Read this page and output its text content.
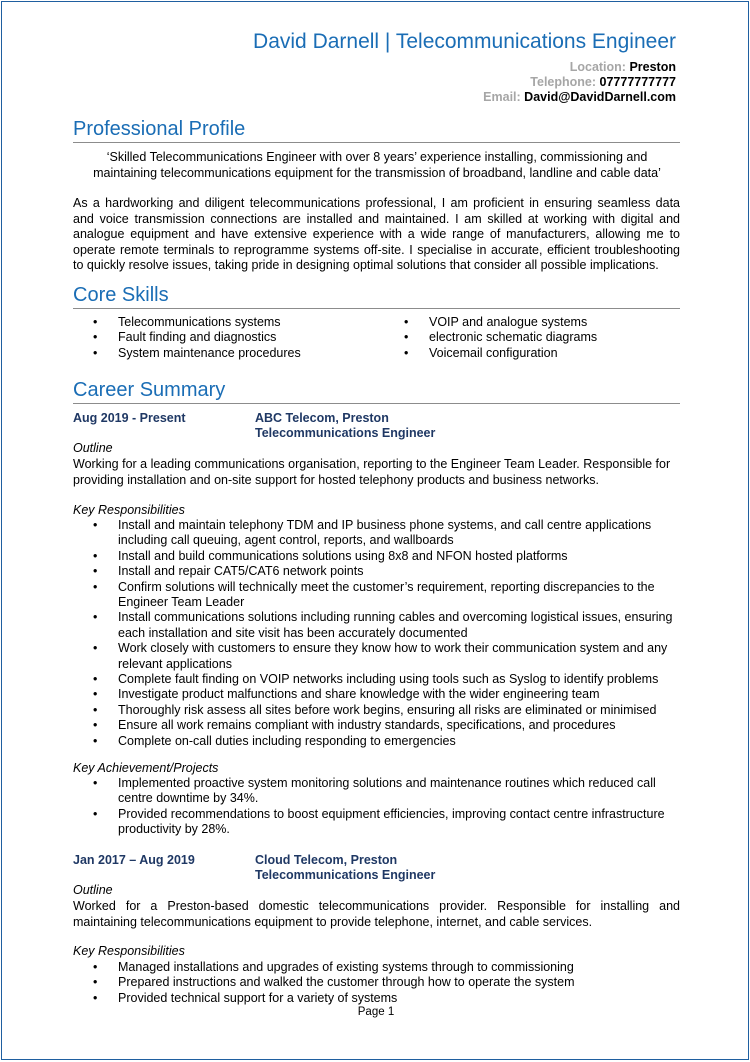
David Darnell | Telecommunications Engineer
Location: Preston
Telephone: 07777777777
Email: David@DavidDarnell.com
Professional Profile
‘Skilled Telecommunications Engineer with over 8 years’ experience installing, commissioning and maintaining telecommunications equipment for the transmission of broadband, landline and cable data’
As a hardworking and diligent telecommunications professional, I am proficient in ensuring seamless data and voice transmission connections are installed and maintained. I am skilled at working with digital and analogue equipment and have extensive experience with a wide range of manufacturers, allowing me to operate remote terminals to reprogramme systems off-site. I specialise in accurate, efficient troubleshooting to quickly resolve issues, taking pride in designing optimal solutions that consider all possible implications.
Core Skills
• Telecommunications systems
• Fault finding and diagnostics
• System maintenance procedures
• VOIP and analogue systems
• electronic schematic diagrams
• Voicemail configuration
Career Summary
Aug 2019 - Present	ABC Telecom, Preston
Telecommunications Engineer
Outline
Working for a leading communications organisation, reporting to the Engineer Team Leader. Responsible for providing installation and on-site support for hosted telephony products and business networks.
Key Responsibilities
• Install and maintain telephony TDM and IP business phone systems, and call centre applications including call queuing, agent control, reports, and wallboards
• Install and build communications solutions using 8x8 and NFON hosted platforms
• Install and repair CAT5/CAT6 network points
• Confirm solutions will technically meet the customer’s requirement, reporting discrepancies to the Engineer Team Leader
• Install communications solutions including running cables and overcoming logistical issues, ensuring each installation and site visit has been accurately documented
• Work closely with customers to ensure they know how to work their communication system and any relevant applications
• Complete fault finding on VOIP networks including using tools such as Syslog to identify problems
• Investigate product malfunctions and share knowledge with the wider engineering team
• Thoroughly risk assess all sites before work begins, ensuring all risks are eliminated or minimised
• Ensure all work remains compliant with industry standards, specifications, and procedures
• Complete on-call duties including responding to emergencies
Key Achievement/Projects
• Implemented proactive system monitoring solutions and maintenance routines which reduced call centre downtime by 34%.
• Provided recommendations to boost equipment efficiencies, improving contact centre infrastructure productivity by 28%.
Jan 2017 – Aug 2019	Cloud Telecom, Preston
Telecommunications Engineer
Outline
Worked for a Preston-based domestic telecommunications provider. Responsible for installing and maintaining telecommunications equipment to provide telephone, internet, and cable services.
Key Responsibilities
• Managed installations and upgrades of existing systems through to commissioning
• Prepared instructions and walked the customer through how to operate the system
• Provided technical support for a variety of systems
Page 1
